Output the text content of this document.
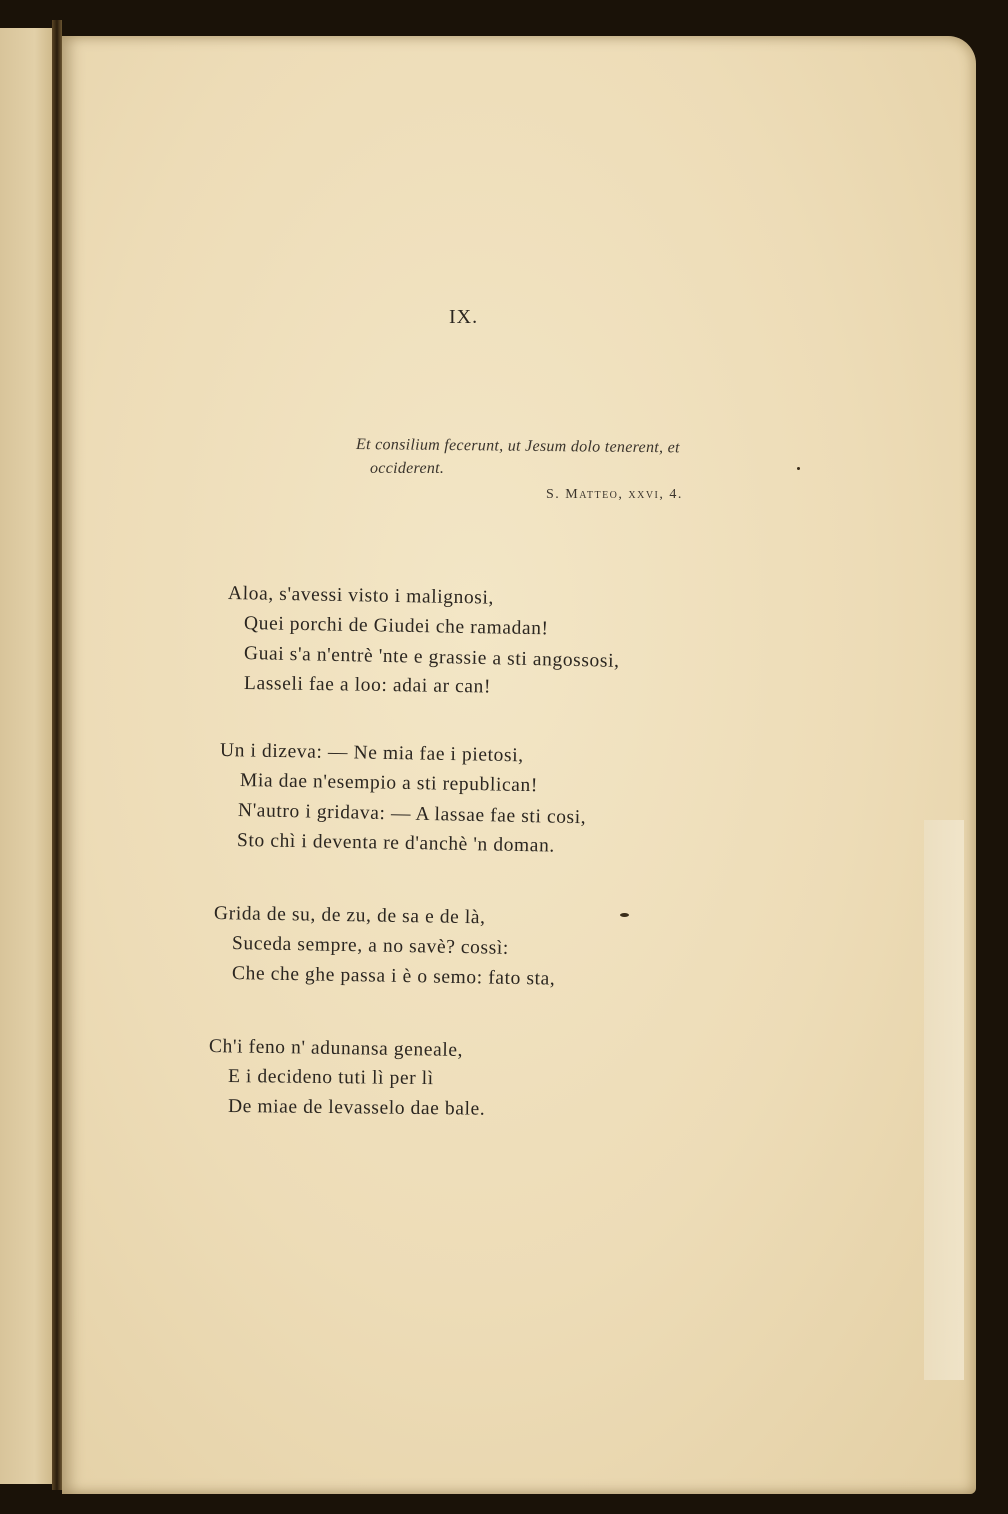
IX.
Et consilium fecerunt, ut Jesum dolo tenerent, et
occiderent.
S. Matteo, xxvi, 4.
Aloa, s'avessi visto i malignosi,
Quei porchi de Giudei che ramadan!
Guai s'a n'entrè 'nte e grassie a sti angossosi,
Lasseli fae a loo: adai ar can!
Un i dizeva: — Ne mia fae i pietosi,
Mia dae n'esempio a sti republican!
N'autro i gridava: — A lassae fae sti cosi,
Sto chì i deventa re d'anchè 'n doman.
Grida de su, de zu, de sa e de là,
Suceda sempre, a no savè? cossì:
Che che ghe passa i è o semo: fato sta,
Ch'i feno n' adunansa geneale,
E i decideno tuti lì per lì
De miae de levasselo dae bale.
